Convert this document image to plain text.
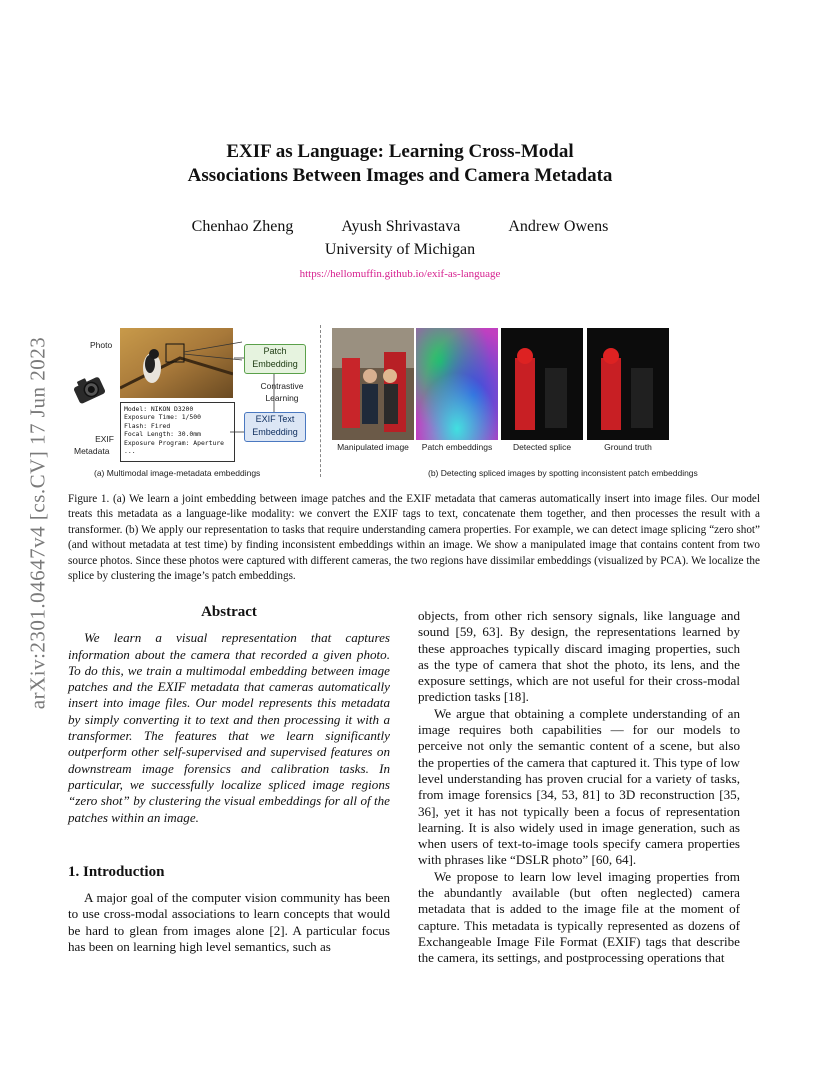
arXiv:2301.04647v4 [cs.CV] 17 Jun 2023
EXIF as Language: Learning Cross-Modal
Associations Between Images and Camera Metadata
Chenhao Zheng	Ayush Shrivastava	Andrew Owens
University of Michigan
https://hellomuffin.github.io/exif-as-language
Photo
EXIF
Metadata
Model: NIKON D3200
Exposure Time: 1/500
Flash: Fired
Focal Length: 30.0mm
Exposure Program: Aperture
...
Patch Embedding
Contrastive Learning
EXIF Text Embedding
Manipulated image	Patch embeddings	Detected splice	Ground truth
(a) Multimodal image-metadata embeddings	(b) Detecting spliced images by spotting inconsistent patch embeddings
Figure 1. (a) We learn a joint embedding between image patches and the EXIF metadata that cameras automatically insert into image files. Our model treats this metadata as a language-like modality: we convert the EXIF tags to text, concatenate them together, and then processes the result with a transformer. (b) We apply our representation to tasks that require understanding camera properties. For example, we can detect image splicing “zero shot” (and without metadata at test time) by finding inconsistent embeddings within an image. We show a manipulated image that contains content from two source photos. Since these photos were captured with different cameras, the two regions have dissimilar embeddings (visualized by PCA). We localize the splice by clustering the image’s patch embeddings.
Abstract

We learn a visual representation that captures information about the camera that recorded a given photo. To do this, we train a multimodal embedding between image patches and the EXIF metadata that cameras automatically insert into image files. Our model represents this metadata by simply converting it to text and then processing it with a transformer. The features that we learn significantly outperform other self-supervised and supervised features on downstream image forensics and calibration tasks. In particular, we successfully localize spliced image regions “zero shot” by clustering the visual embeddings for all of the patches within an image.

1. Introduction

A major goal of the computer vision community has been to use cross-modal associations to learn concepts that would be hard to glean from images alone [2]. A particular focus has been on learning high level semantics, such as

objects, from other rich sensory signals, like language and sound [59, 63]. By design, the representations learned by these approaches typically discard imaging properties, such as the type of camera that shot the photo, its lens, and the exposure settings, which are not useful for their cross-modal prediction tasks [18].

We argue that obtaining a complete understanding of an image requires both capabilities — for our models to perceive not only the semantic content of a scene, but also the properties of the camera that captured it. This type of low level understanding has proven crucial for a variety of tasks, from image forensics [34, 53, 81] to 3D reconstruction [35, 36], yet it has not typically been a focus of representation learning. It is also widely used in image generation, such as when users of text-to-image tools specify camera properties with phrases like “DSLR photo” [60, 64].

We propose to learn low level imaging properties from the abundantly available (but often neglected) camera metadata that is added to the image file at the moment of capture. This metadata is typically represented as dozens of Exchangeable Image File Format (EXIF) tags that describe the camera, its settings, and postprocessing operations that
